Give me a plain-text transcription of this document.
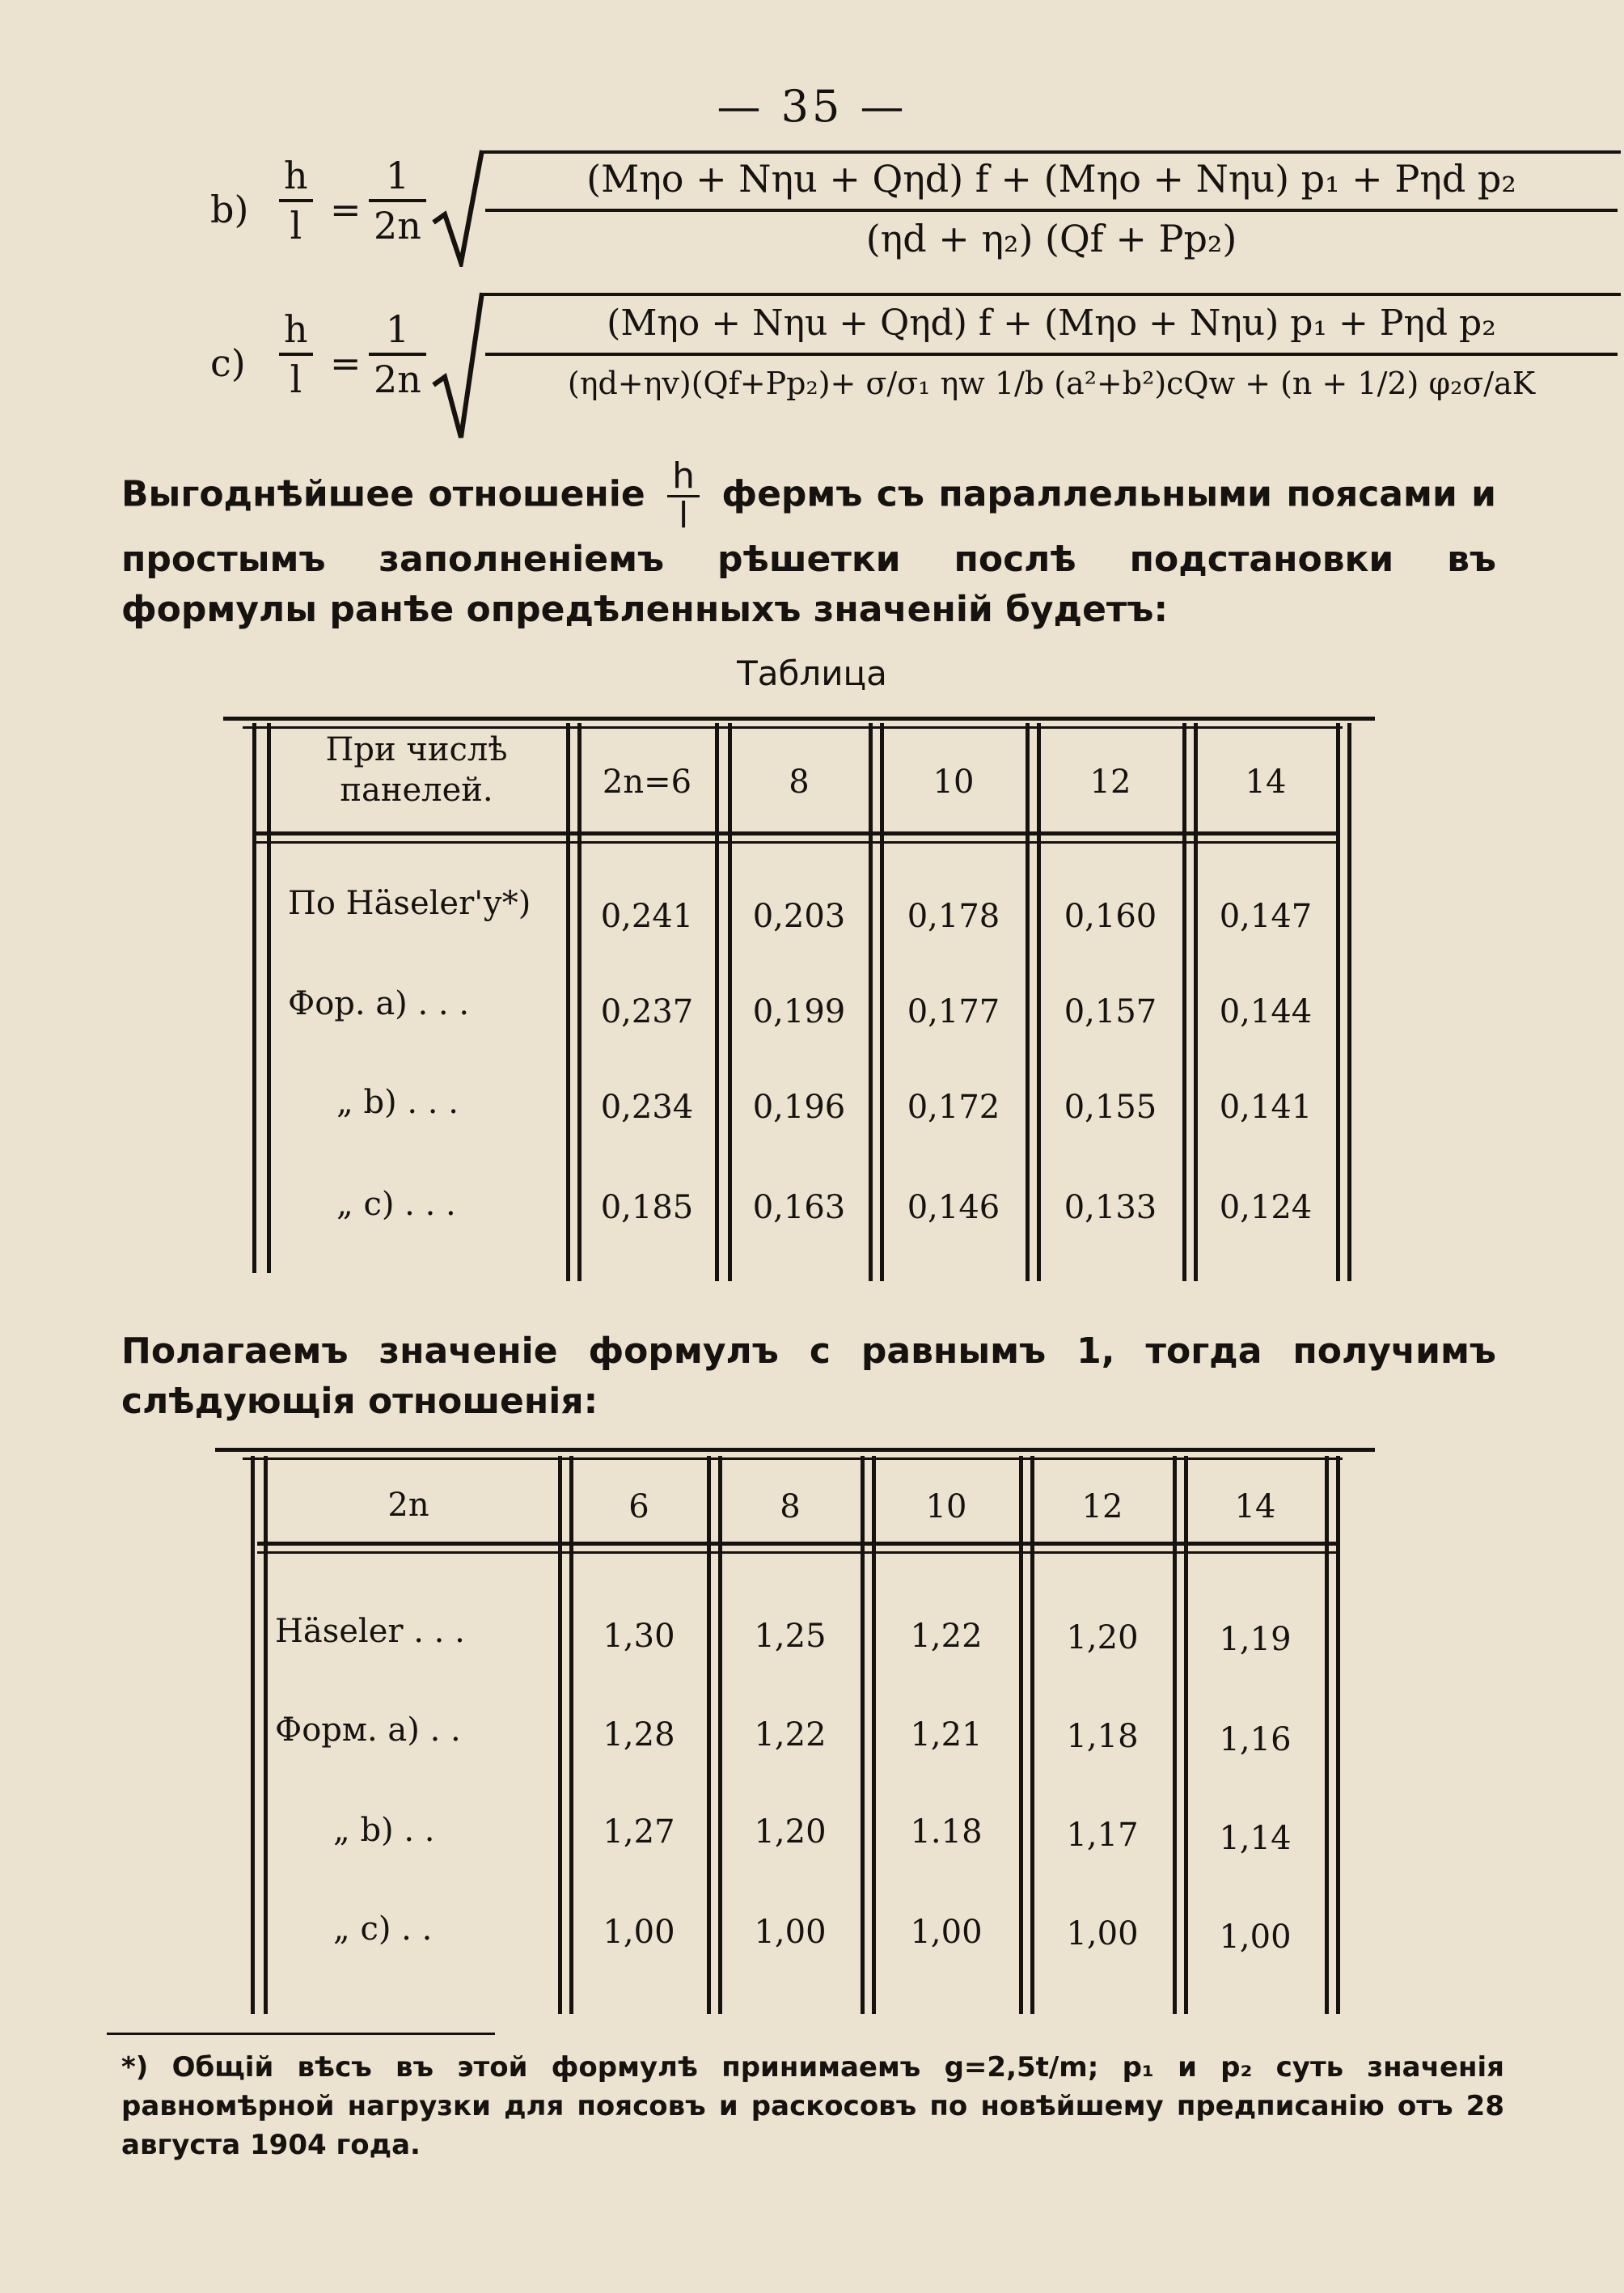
— 35 —
$b) \frac{h}{l} = \frac{1}{2n}$	(Mηo + Nηu + Qηd) f + (Mηo + Nηu) p₁ + Pηd p₂
(ηd + η₂) (Qf + Pp₂)
$c) \frac{h}{l} = \frac{1}{2n}$	(Mηo + Nηu + Qηd) f + (Mηo + Nηu) p₁ + Pηd p₂
(ηd+ηv)(Qf+Pp₂)+ σ/σ₁ ηw 1/b (a²+b²)cQw + (n + 1/2) φ₂σ/aK
Выгоднѣйшее отношеніе $\frac{h}{l}$ фермъ съ параллельными поясами и простымъ заполненіемъ рѣшетки послѣ подстановки въ формулы ранѣе опредѣленныхъ значеній будетъ:
Таблица
При числѣ панелей.	2n=6	8	10	12	14
По Häseler'у*)	0,241	0,203	0,178	0,160	0,147
Фор. a) . . .	0,237	0,199	0,177	0,157	0,144
„ b) . . .	0,234	0,196	0,172	0,155	0,141
„ c) . . .	0,185	0,163	0,146	0,133	0,124
Полагаемъ значеніе формулъ с равнымъ 1, тогда получимъ слѣдующія отношенія:
2n	6	8	10	12	14
Häseler . . .	1,30	1,25	1,22	1,20	1,19
Форм. a) . .	1,28	1,22	1,21	1,18	1,16
„ b) . .	1,27	1,20	1.18	1,17	1,14
„ c) . .	1,00	1,00	1,00	1,00	1,00
*) Общій вѣсъ въ этой формулѣ принимаемъ g=2,5t/m; p₁ и p₂ суть значенія равномѣрной нагрузки для поясовъ и раскосовъ по новѣйшему предписанію отъ 28 августа 1904 года.
